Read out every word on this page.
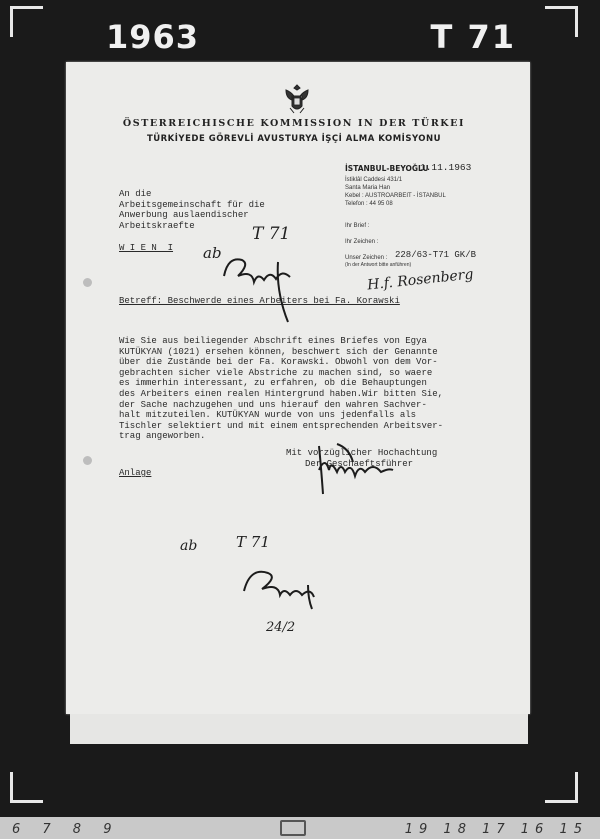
1963	T 71
6 7 8 9	19 18 17 16 15
ÖSTERREICHISCHE KOMMISSION IN DER TÜRKEI
TÜRKİYEDE GÖREVLİ AVUSTURYA İŞÇİ ALMA KOMİSYONU
İSTANBUL-BEYOĞLU
1.11.1963
İstiklâl Caddesi 431/1
Santa Maria Han
Kebel : AUSTROARBEIT - İSTANBUL
Telefon : 44 95 08
Ihr Brief :
Ihr Zeichen :
Unser Zeichen :
(In der Antwort bitte anführen)
228/63-T71 GK/B
An die
Arbeitsgemeinschaft für die
Anwerbung auslaendischer
Arbeitskraefte
W I E N  I
Betreff: Beschwerde eines Arbeiters bei Fa. Korawski
Wie Sie aus beiliegender Abschrift eines Briefes von Egya
KUTÜKYAN (1021) ersehen können, beschwert sich der Genannte
über die Zustände bei der Fa. Korawski. Obwohl von dem Vor-
gebrachten sicher viele Abstriche zu machen sind, so waere
es immerhin interessant, zu erfahren, ob die Behauptungen
des Arbeiters einen realen Hintergrund haben.Wir bitten Sie,
der Sache nachzugehen und uns hierauf den wahren Sachver-
halt mitzuteilen. KUTÜKYAN wurde von uns jedenfalls als
Tischler selektiert und mit einem entsprechenden Arbeitsver-
trag angeworben.
Mit vorzüglicher Hochachtung
Der Geschaeftsführer
Anlage
T 71
ab
H.f. Rosenberg
T 71
ab
24/2
